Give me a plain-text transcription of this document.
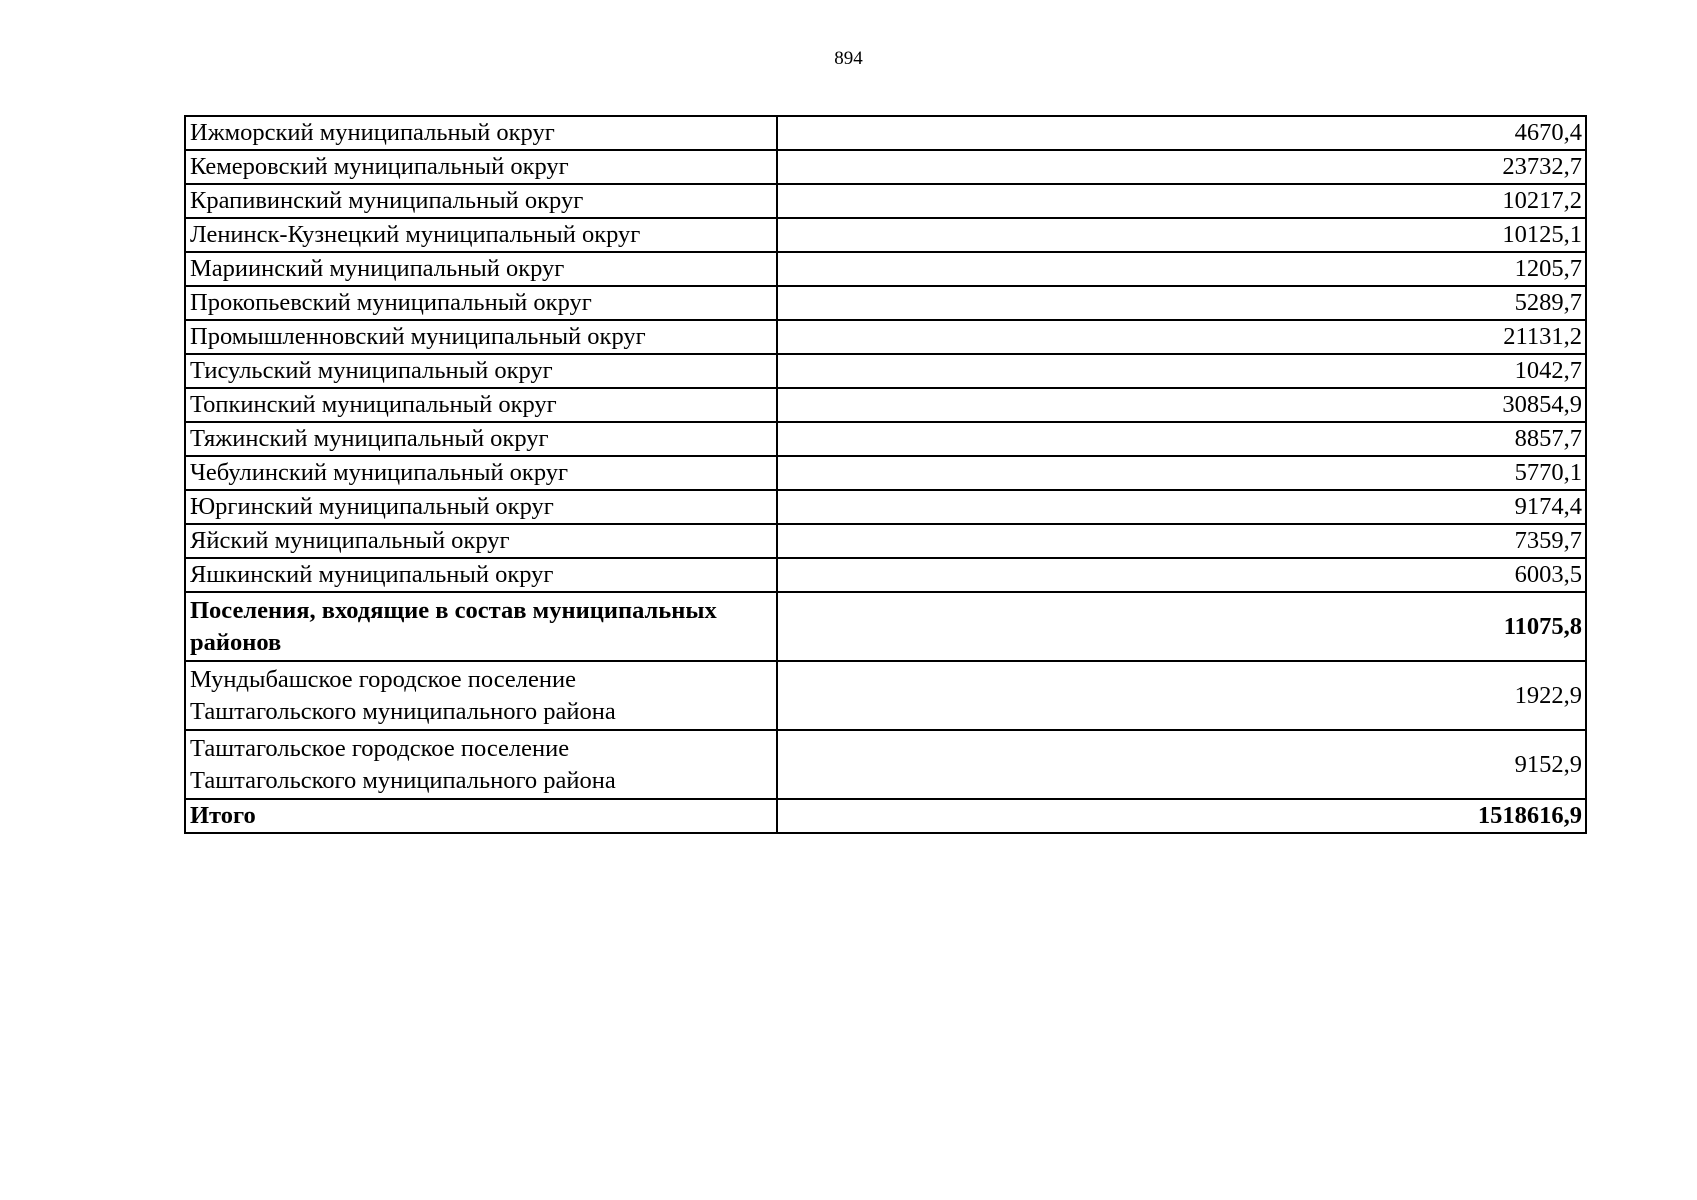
894
Ижморский муниципальный округ	4670,4
Кемеровский муниципальный округ	23732,7
Крапивинский муниципальный округ	10217,2
Ленинск-Кузнецкий муниципальный округ	10125,1
Мариинский муниципальный округ	1205,7
Прокопьевский муниципальный округ	5289,7
Промышленновский муниципальный округ	21131,2
Тисульский муниципальный округ	1042,7
Топкинский муниципальный округ	30854,9
Тяжинский муниципальный округ	8857,7
Чебулинский муниципальный округ	5770,1
Юргинский муниципальный округ	9174,4
Яйский муниципальный округ	7359,7
Яшкинский муниципальный округ	6003,5
Поселения, входящие в состав муниципальных
районов	11075,8
Мундыбашское городское поселение
Таштагольского муниципального района	1922,9
Таштагольское городское поселение
Таштагольского муниципального района	9152,9
Итого	1518616,9
